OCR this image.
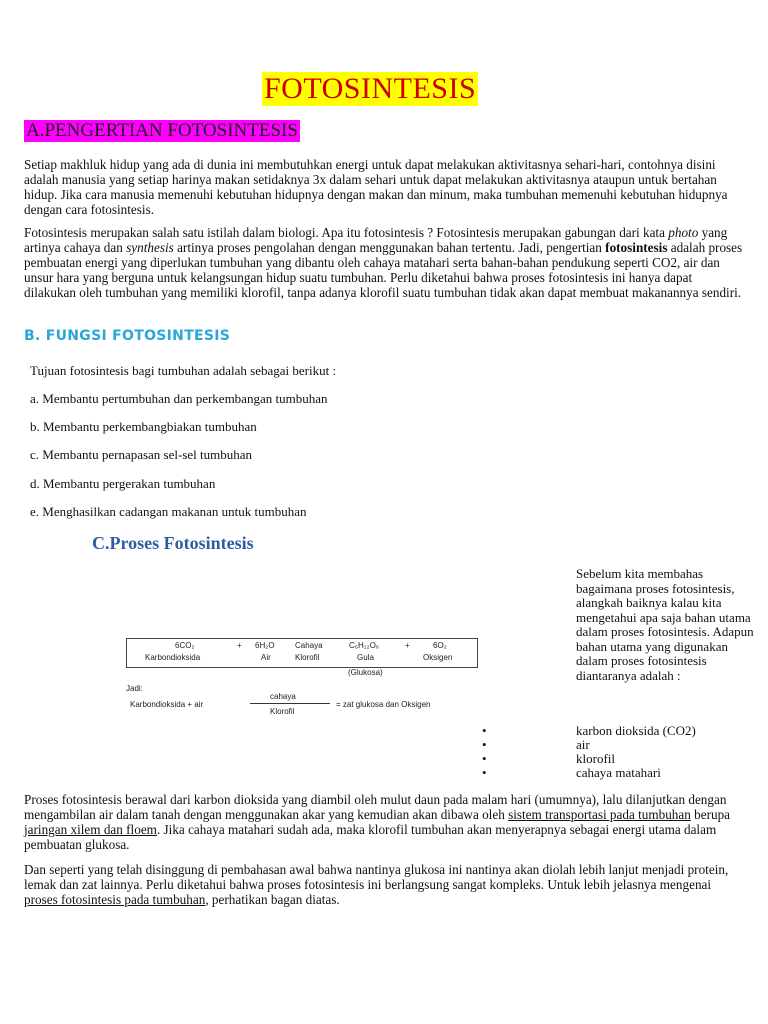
FOTOSINTESIS
A.PENGERTIAN FOTOSINTESIS

Setiap makhluk hidup yang ada di dunia ini membutuhkan energi untuk dapat melakukan aktivitasnya sehari-hari, contohnya disini adalah manusia yang setiap harinya makan setidaknya 3x dalam sehari untuk dapat melakukan aktivitasnya ataupun untuk bertahan hidup. Jika cara manusia memenuhi kebutuhan hidupnya dengan makan dan minum, maka tumbuhan memenuhi kebutuhan hidupnya dengan cara fotosintesis.

Fotosintesis merupakan salah satu istilah dalam biologi. Apa itu fotosintesis ? Fotosintesis merupakan gabungan dari kata photo yang artinya cahaya dan synthesis artinya proses pengolahan dengan menggunakan bahan tertentu. Jadi, pengertian fotosintesis adalah proses pembuatan energi yang diperlukan tumbuhan yang dibantu oleh cahaya matahari serta bahan-bahan pendukung seperti CO2, air dan unsur hara yang berguna untuk kelangsungan hidup suatu tumbuhan. Perlu diketahui bahwa proses fotosintesis ini hanya dapat dilakukan oleh tumbuhan yang memiliki klorofil, tanpa adanya klorofil suatu tumbuhan tidak akan dapat membuat makanannya sendiri.

B. FUNGSI FOTOSINTESIS
Tujuan fotosintesis bagi tumbuhan adalah sebagai berikut :
a. Membantu pertumbuhan dan perkembangan tumbuhan
b. Membantu perkembangbiakan tumbuhan
c. Membantu pernapasan sel-sel tumbuhan
d. Membantu pergerakan tumbuhan
e. Menghasilkan cadangan makanan untuk tumbuhan
C.Proses Fotosintesis
Sebelum kita membahas bagaimana proses fotosintesis, alangkah baiknya kalau kita mengetahui apa saja bahan utama dalam proses fotosintesis. Adapun bahan utama yang digunakan dalam proses fotosintesis diantaranya adalah :
•	karbon dioksida (CO2)
•	air
•	klorofil
•	cahaya matahari
6CO₂	+ 6H₂O	Cahaya	C₆H₁₂O₆	+	6O₂
Karbondioksida	Air	Klorofil	Gula	Oksigen
(Glukosa)
Jadi:
Karbondioksida + air
cahaya
Klorofil
= zat glukosa dan Oksigen

Proses fotosintesis berawal dari karbon dioksida yang diambil oleh mulut daun pada malam hari (umumnya), lalu dilanjutkan dengan mengambilan air dalam tanah dengan menggunakan akar yang kemudian akan dibawa oleh sistem transportasi pada tumbuhan berupa jaringan xilem dan floem. Jika cahaya matahari sudah ada, maka klorofil tumbuhan akan menyerapnya sebagai energi utama dalam pembuatan glukosa.

Dan seperti yang telah disinggung di pembahasan awal bahwa nantinya glukosa ini nantinya akan diolah lebih lanjut menjadi protein, lemak dan zat lainnya. Perlu diketahui bahwa proses fotosintesis ini berlangsung sangat kompleks. Untuk lebih jelasnya mengenai proses fotosintesis pada tumbuhan, perhatikan bagan diatas.
